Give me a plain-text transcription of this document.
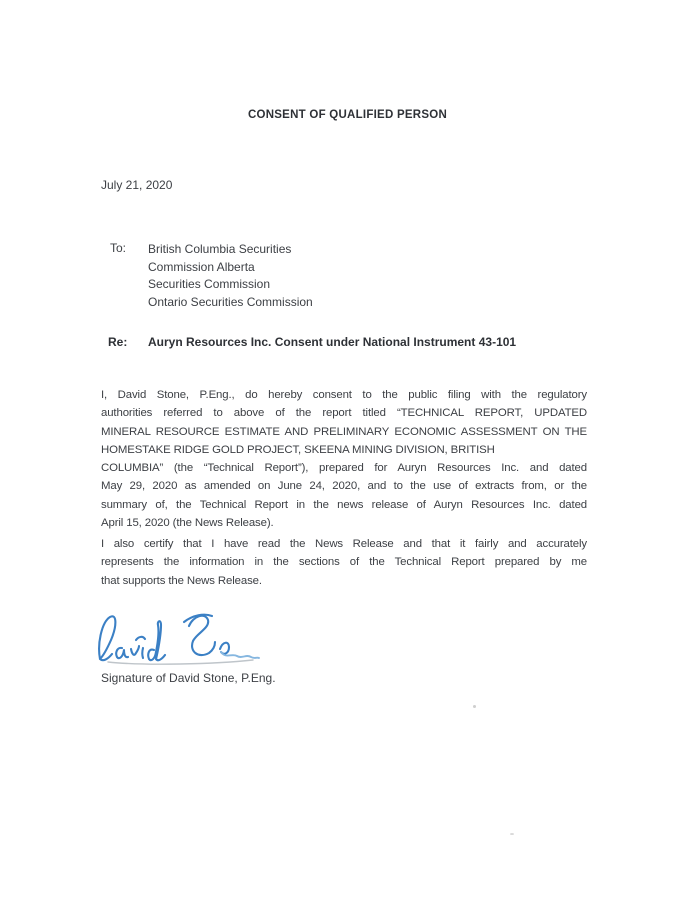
CONSENT OF QUALIFIED PERSON
July 21, 2020
To: British Columbia Securities
Commission Alberta
Securities Commission
Ontario Securities Commission
Re: Auryn Resources Inc. Consent under National Instrument 43-101
I, David Stone, P.Eng., do hereby consent to the public filing with the regulatory
authorities referred to above of the report titled “TECHNICAL REPORT, UPDATED
MINERAL RESOURCE ESTIMATE AND PRELIMINARY ECONOMIC ASSESSMENT ON THE
HOMESTAKE RIDGE GOLD PROJECT, SKEENA MINING DIVISION, BRITISH
COLUMBIA” (the “Technical Report”), prepared for Auryn Resources Inc. and dated
May 29, 2020 as amended on June 24, 2020, and to the use of extracts from, or the
summary of, the Technical Report in the news release of Auryn Resources Inc. dated
April 15, 2020 (the News Release).
I also certify that I have read the News Release and that it fairly and accurately
represents the information in the sections of the Technical Report prepared by me
that supports the News Release.
Signature of David Stone, P.Eng.
